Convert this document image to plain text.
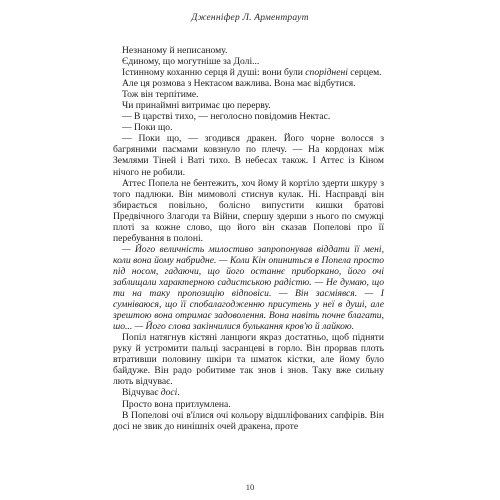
Дженніфер Л. Арментраут

Незнаному й неписаному.

Єдиному, що могутніше за Долі...

Істинному коханню серця й душі: вони були спорідненi серцем.

Але ця розмова з Нектасом важлива. Вона має відбутися.

Тож він терпітиме.

Чи принаймні витримає цю перерву.

— В царстві тихо, — неголосно повідомив Нектас.

— Поки що.

— Поки що, — згодився дракен. Його чорне волосся з багряними пасмами ковзнуло по плечу. — На кордонах між Землями Тіней і Ваті тихо. В небесах також. І Аттес із Кіном нічого не робили.

Аттес Попела не бентежить, хоч йому й кортіло здерти шкуру з того падлюки. Він мимоволі стиснув кулак. Ні. Насправді він збирається повільно, болісно випустити кишки братові Предвічного Злагоди та Війни, спершу здерши з нього по смужці плоті за кожне слово, що його він сказав Попелові про її перебування в полоні.

— Його величність милостиво запропонував віддати її мені, коли вона йому набридне. — Коли Кін опиниться в Попела просто під носом, гадаючи, що його останнє приборкано, його очі заблищали характерною садистською радістю. — Не думаю, що ти на таку пропозицію відповіси. — Він засміявся. — І сумніваюся, що її спобалагодженню присутень у неї в душі, але зрештою вона отримає задоволення. Вона навіть почне благати, шо... — Його слова закінчилися булькання кров'ю й лайкою.

Попіл натягнув кістяні ланцюги якраз достатньо, щоб підняти руку й устромити пальці засранцеві в горло. Він прорвав плоть втративши половину шкіри та шматок кістки, але йому було байдуже. Він радо робитиме так знов і знов. Таку вже сильну лють відчуває.

Відчуває досі.

Просто вона притлумлена.

В Попелові очі в'їлися очі кольору відшліфованих сапфірів. Він досі не звик до нинішніх очей дракена, проте

10
